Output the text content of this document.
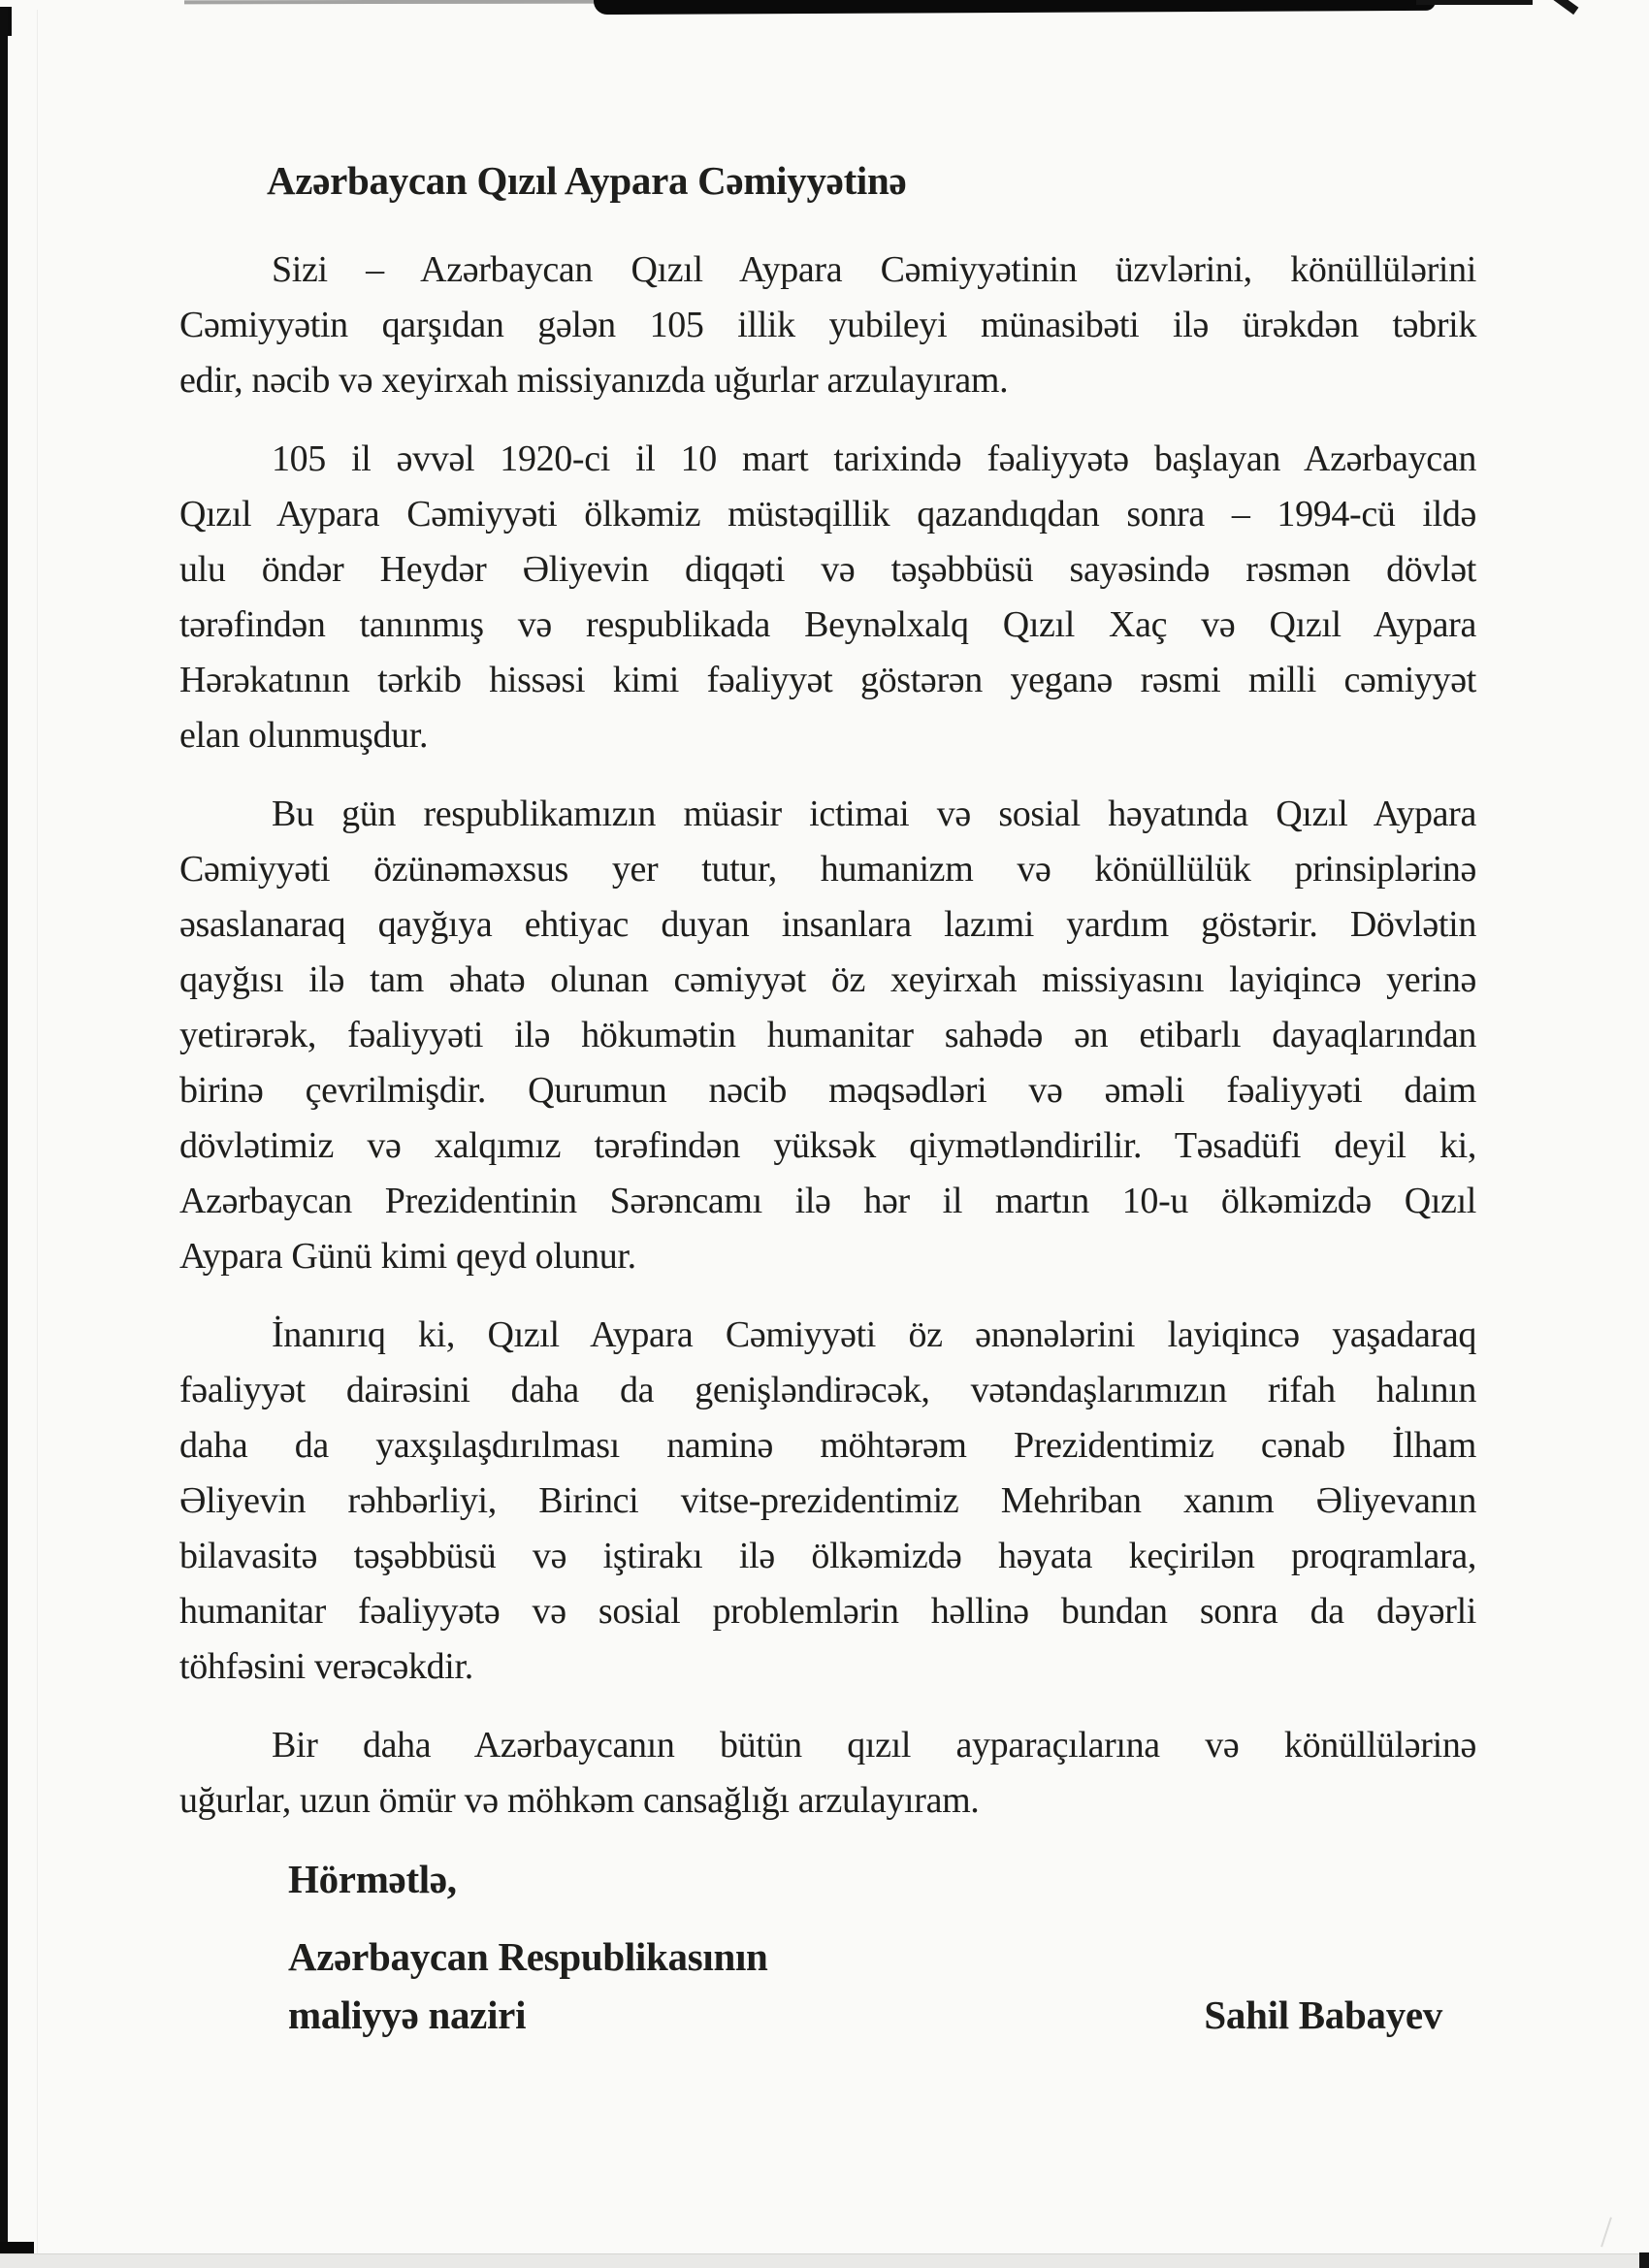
Azərbaycan Qızıl Aypara Cəmiyyətinə
Sizi – Azərbaycan Qızıl Aypara Cəmiyyətinin üzvlərini, könüllülərini
Cəmiyyətin qarşıdan gələn 105 illik yubileyi münasibəti ilə ürəkdən təbrik
edir, nəcib və xeyirxah missiyanızda uğurlar arzulayıram.
105 il əvvəl 1920-ci il 10 mart tarixində fəaliyyətə başlayan Azərbaycan
Qızıl Aypara Cəmiyyəti ölkəmiz müstəqillik qazandıqdan sonra – 1994-cü ildə
ulu öndər Heydər Əliyevin diqqəti və təşəbbüsü sayəsində rəsmən dövlət
tərəfindən tanınmış və respublikada Beynəlxalq Qızıl Xaç və Qızıl Aypara
Hərəkatının tərkib hissəsi kimi fəaliyyət göstərən yeganə rəsmi milli cəmiyyət
elan olunmuşdur.
Bu gün respublikamızın müasir ictimai və sosial həyatında Qızıl Aypara
Cəmiyyəti özünəməxsus yer tutur, humanizm və könüllülük prinsiplərinə
əsaslanaraq qayğıya ehtiyac duyan insanlara lazımi yardım göstərir. Dövlətin
qayğısı ilə tam əhatə olunan cəmiyyət öz xeyirxah missiyasını layiqincə yerinə
yetirərək, fəaliyyəti ilə hökumətin humanitar sahədə ən etibarlı dayaqlarından
birinə çevrilmişdir. Qurumun nəcib məqsədləri və əməli fəaliyyəti daim
dövlətimiz və xalqımız tərəfindən yüksək qiymətləndirilir. Təsadüfi deyil ki,
Azərbaycan Prezidentinin Sərəncamı ilə hər il martın 10-u ölkəmizdə Qızıl
Aypara Günü kimi qeyd olunur.
İnanırıq ki, Qızıl Aypara Cəmiyyəti öz ənənələrini layiqincə yaşadaraq
fəaliyyət dairəsini daha da genişləndirəcək, vətəndaşlarımızın rifah halının
daha da yaxşılaşdırılması naminə möhtərəm Prezidentimiz cənab İlham
Əliyevin rəhbərliyi, Birinci vitse-prezidentimiz Mehriban xanım Əliyevanın
bilavasitə təşəbbüsü və iştirakı ilə ölkəmizdə həyata keçirilən proqramlara,
humanitar fəaliyyətə və sosial problemlərin həllinə bundan sonra da dəyərli
töhfəsini verəcəkdir.
Bir daha Azərbaycanın bütün qızıl ayparaçılarına və könüllülərinə
uğurlar, uzun ömür və möhkəm cansağlığı arzulayıram.
Hörmətlə,
Azərbaycan Respublikasının
maliyyə naziri	Sahil Babayev
